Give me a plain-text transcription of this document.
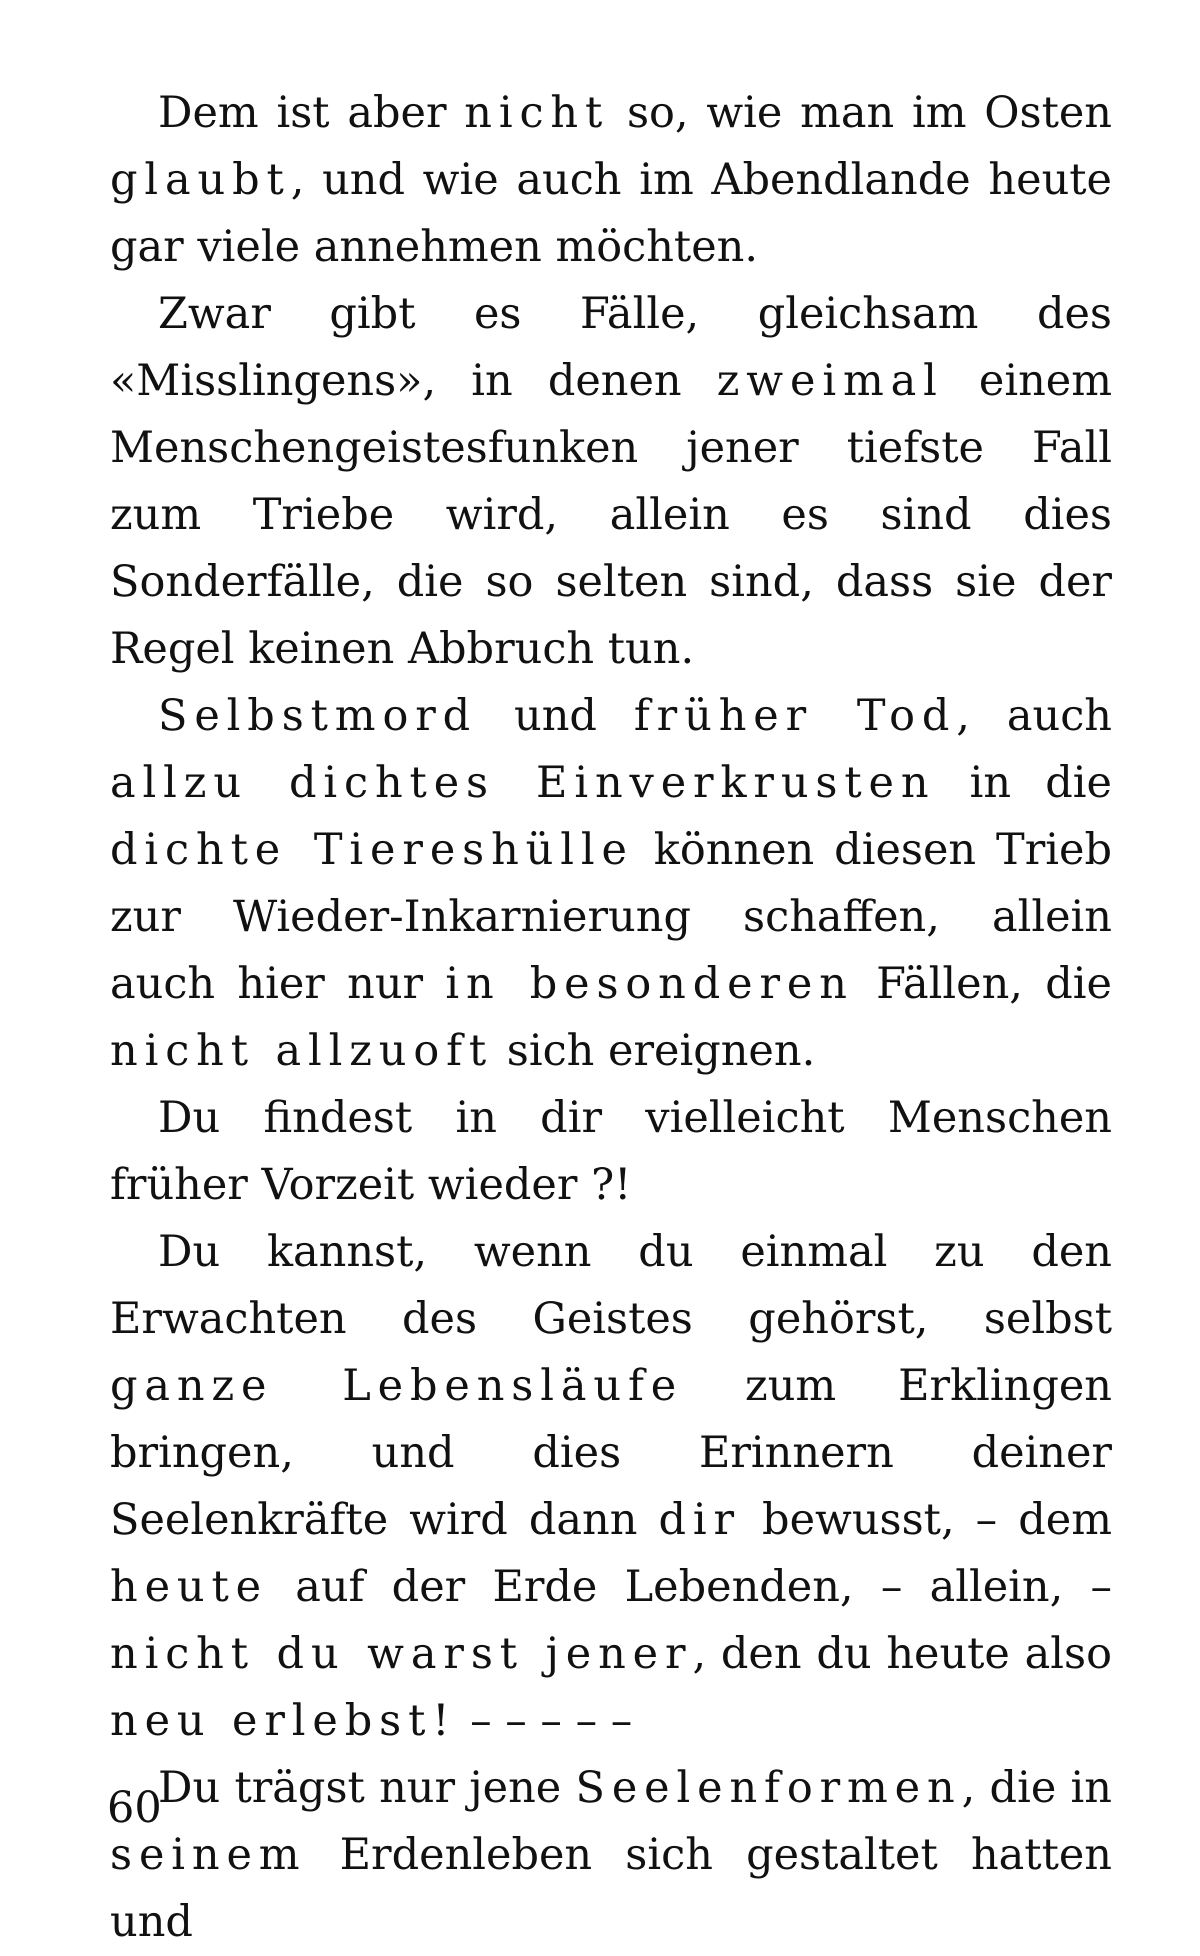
Dem ist aber nicht so, wie man im Osten glaubt, und wie auch im Abendlande heute gar viele annehmen möchten.

Zwar gibt es Fälle, gleichsam des «Misslingens», in denen zweimal einem Menschengeistesfunken jener tiefste Fall zum Triebe wird, allein es sind dies Sonderfälle, die so selten sind, dass sie der Regel keinen Abbruch tun.

Selbstmord und früher Tod, auch allzu dichtes Einverkrusten in die dichte Tiereshülle können diesen Trieb zur Wieder-Inkarnierung schaffen, allein auch hier nur in besonderen Fällen, die nicht allzuoft sich ereignen.

Du findest in dir vielleicht Menschen früher Vorzeit wieder ?!

Du kannst, wenn du einmal zu den Erwachten des Geistes gehörst, selbst ganze Lebensläufe zum Erklingen bringen, und dies Erinnern deiner Seelenkräfte wird dann dir bewusst, – dem heute auf der Erde Lebenden, – allein, – nicht du warst jener, den du heute also neu erlebst! – – – – –

Du trägst nur jene Seelenformen, die in seinem Erdenleben sich gestaltet hatten und

60
